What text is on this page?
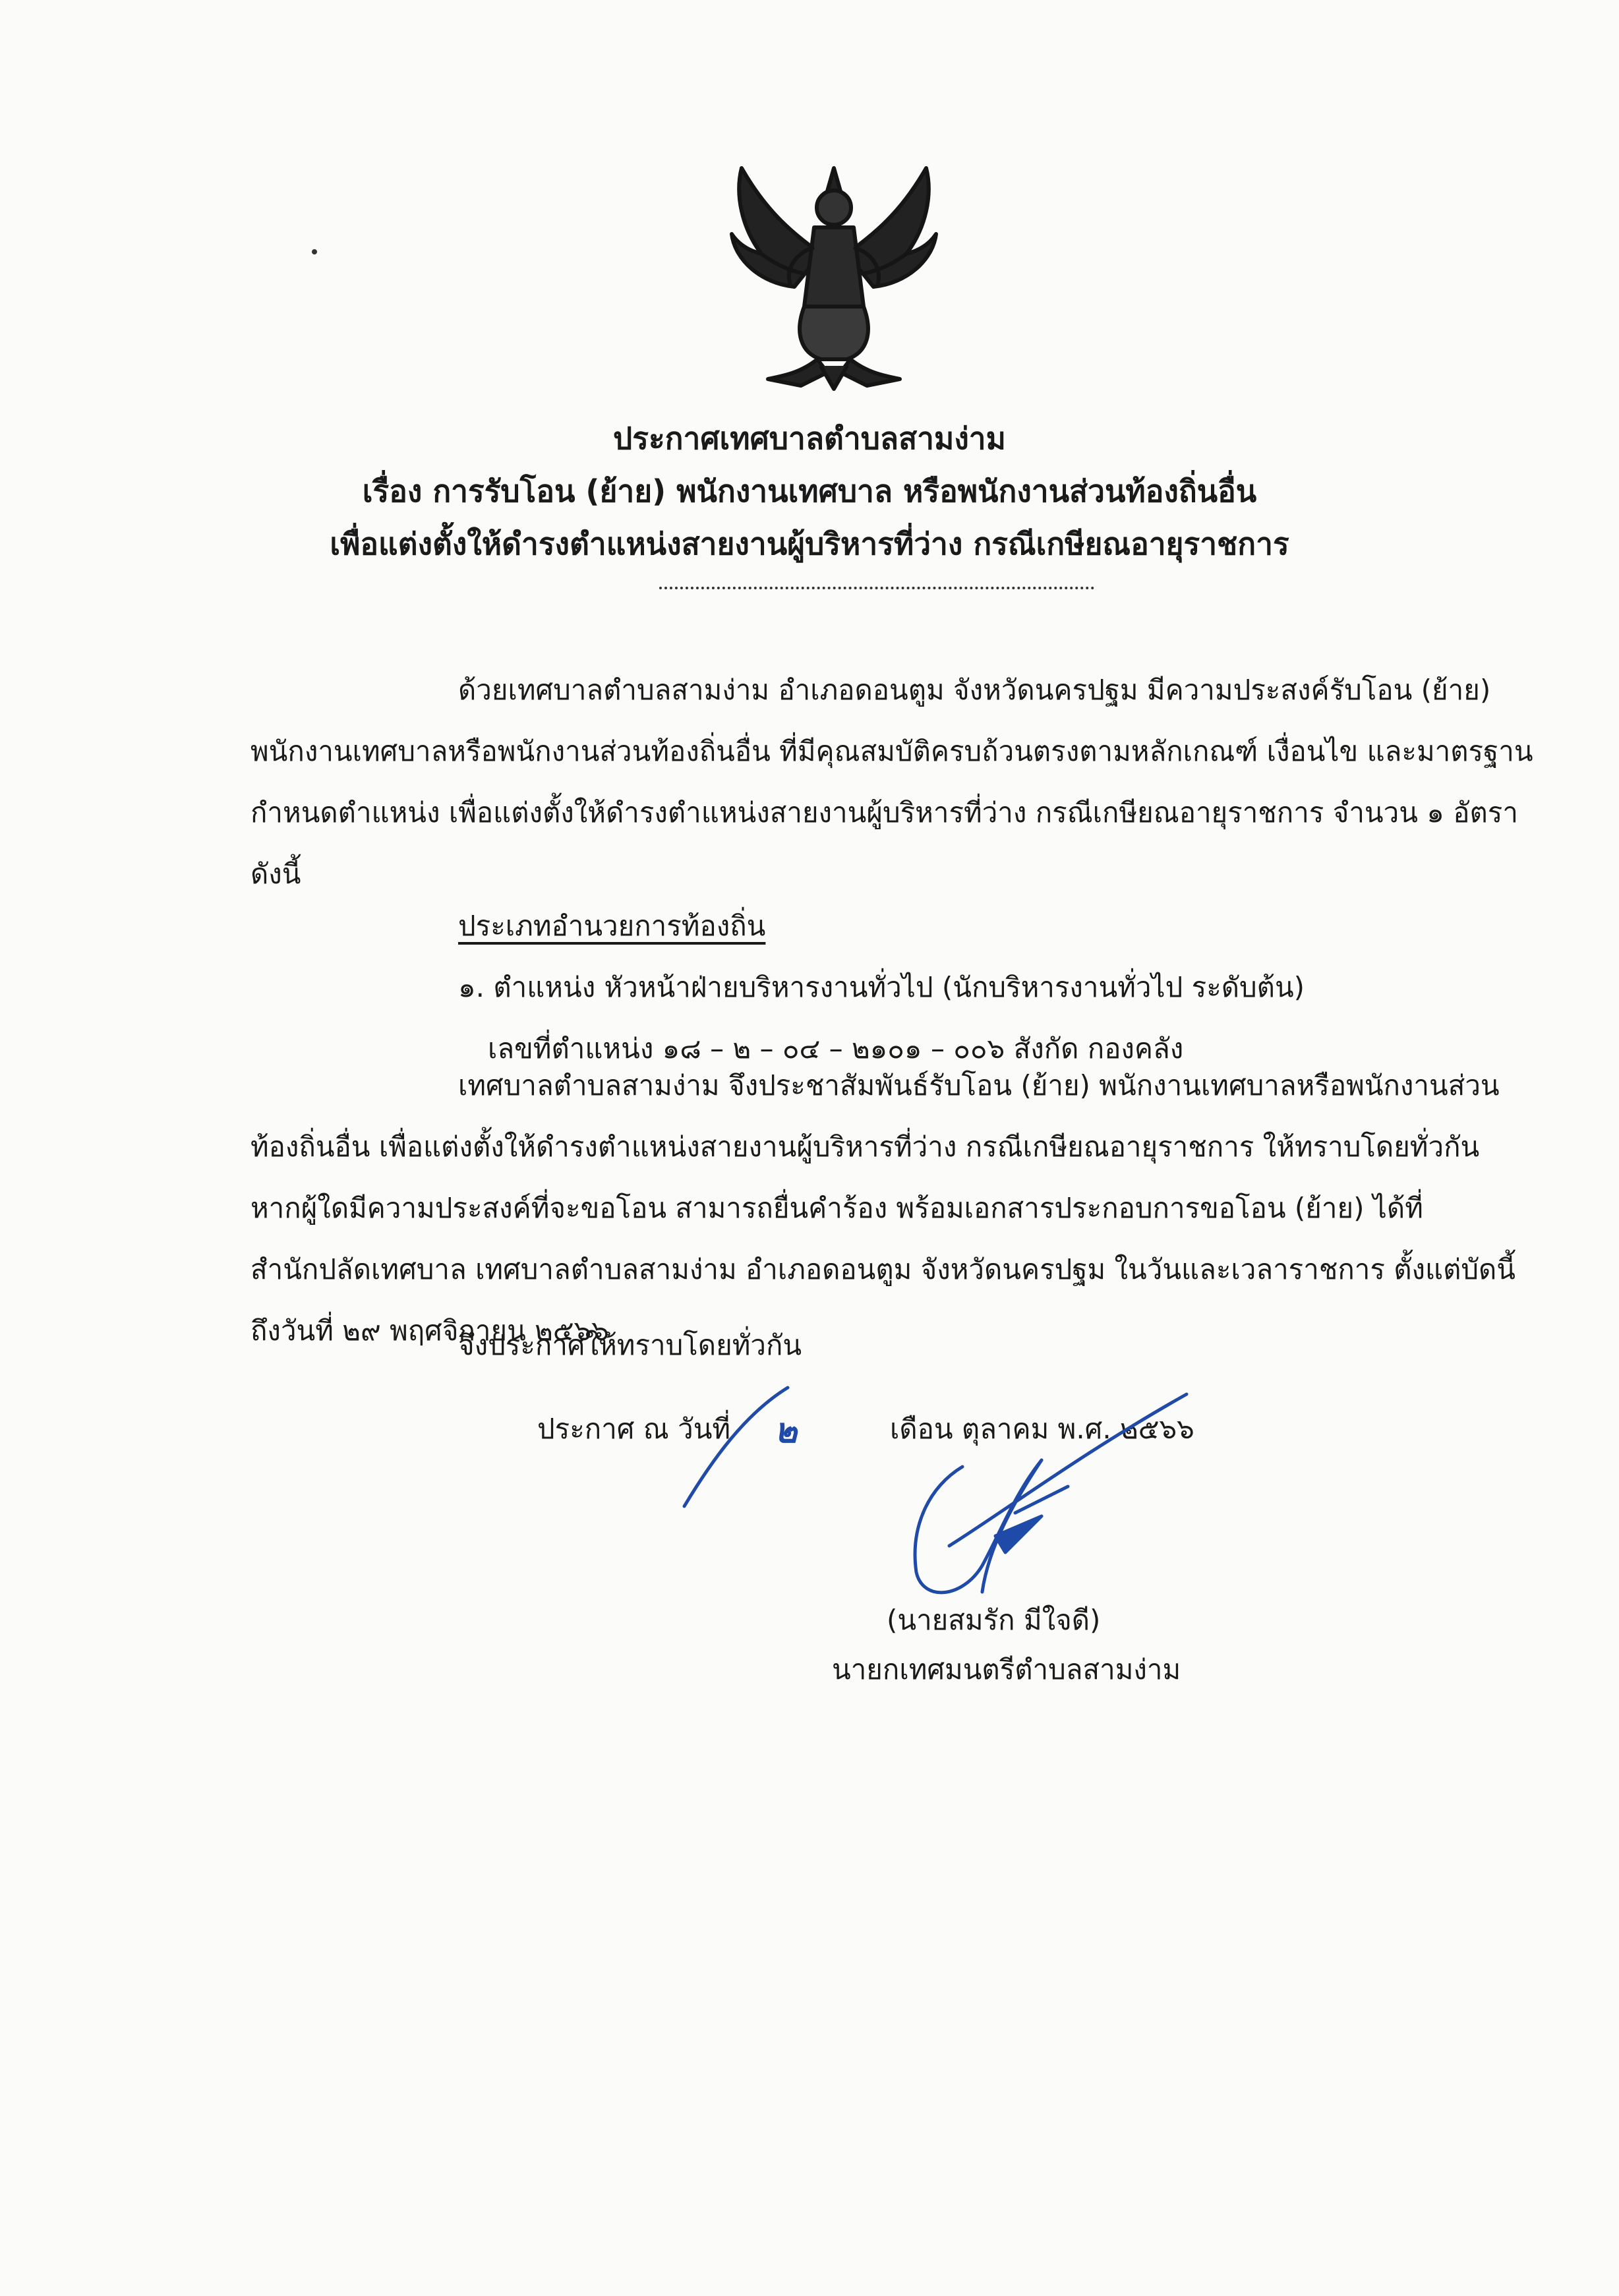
ประกาศเทศบาลตำบลสามง่าม
เรื่อง การรับโอน (ย้าย) พนักงานเทศบาล หรือพนักงานส่วนท้องถิ่นอื่น
เพื่อแต่งตั้งให้ดำรงตำแหน่งสายงานผู้บริหารที่ว่าง กรณีเกษียณอายุราชการ
ด้วยเทศบาลตำบลสามง่าม อำเภอดอนตูม จังหวัดนครปฐม มีความประสงค์รับโอน (ย้าย)
พนักงานเทศบาลหรือพนักงานส่วนท้องถิ่นอื่น ที่มีคุณสมบัติครบถ้วนตรงตามหลักเกณฑ์ เงื่อนไข และมาตรฐาน
กำหนดตำแหน่ง เพื่อแต่งตั้งให้ดำรงตำแหน่งสายงานผู้บริหารที่ว่าง กรณีเกษียณอายุราชการ จำนวน ๑ อัตรา
ดังนี้
ประเภทอำนวยการท้องถิ่น
๑. ตำแหน่ง หัวหน้าฝ่ายบริหารงานทั่วไป (นักบริหารงานทั่วไป ระดับต้น)
เลขที่ตำแหน่ง ๑๘ – ๒ – ๐๔ – ๒๑๐๑ – ๐๐๖ สังกัด กองคลัง
เทศบาลตำบลสามง่าม จึงประชาสัมพันธ์รับโอน (ย้าย) พนักงานเทศบาลหรือพนักงานส่วน
ท้องถิ่นอื่น เพื่อแต่งตั้งให้ดำรงตำแหน่งสายงานผู้บริหารที่ว่าง กรณีเกษียณอายุราชการ ให้ทราบโดยทั่วกัน
หากผู้ใดมีความประสงค์ที่จะขอโอน สามารถยื่นคำร้อง พร้อมเอกสารประกอบการขอโอน (ย้าย) ได้ที่
สำนักปลัดเทศบาล เทศบาลตำบลสามง่าม อำเภอดอนตูม จังหวัดนครปฐม ในวันและเวลาราชการ ตั้งแต่บัดนี้
ถึงวันที่ ๒๙ พฤศจิกายน ๒๕๖๖
จึงประกาศให้ทราบโดยทั่วกัน
ประกาศ ณ วันที่ ๒	เดือน ตุลาคม พ.ศ. ๒๕๖๖
(นายสมรัก มีใจดี)
นายกเทศมนตรีตำบลสามง่าม
